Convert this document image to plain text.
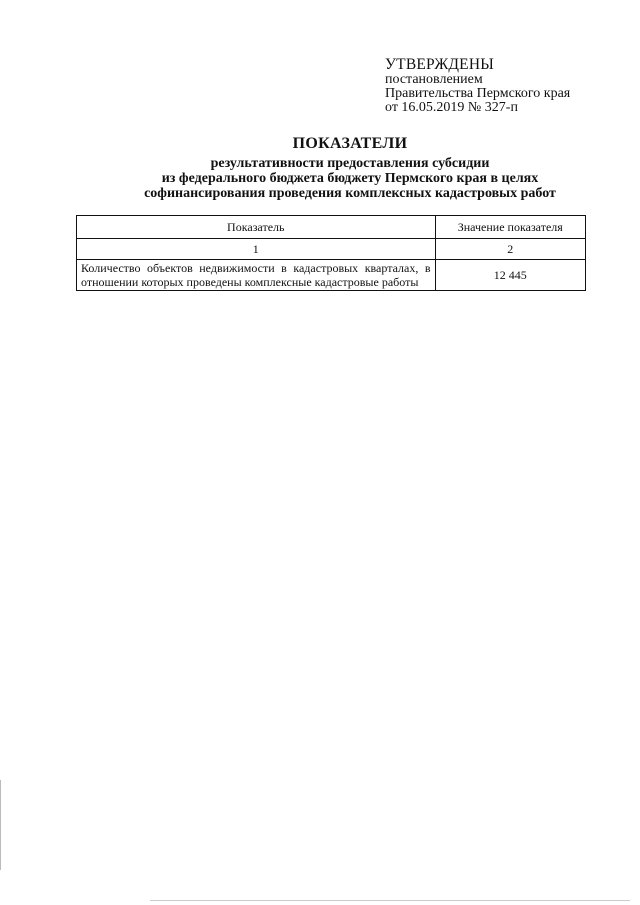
УТВЕРЖДЕНЫ
постановлением
Правительства Пермского края
от 16.05.2019 № 327-п
ПОКАЗАТЕЛИ
результативности предоставления субсидии
из федерального бюджета бюджету Пермского края в целях
софинансирования проведения комплексных кадастровых работ
Показатель	Значение показателя
1	2
Количество объектов недвижимости в кадастровых кварталах, в отношении которых проведены комплексные кадастровые работы	12 445
